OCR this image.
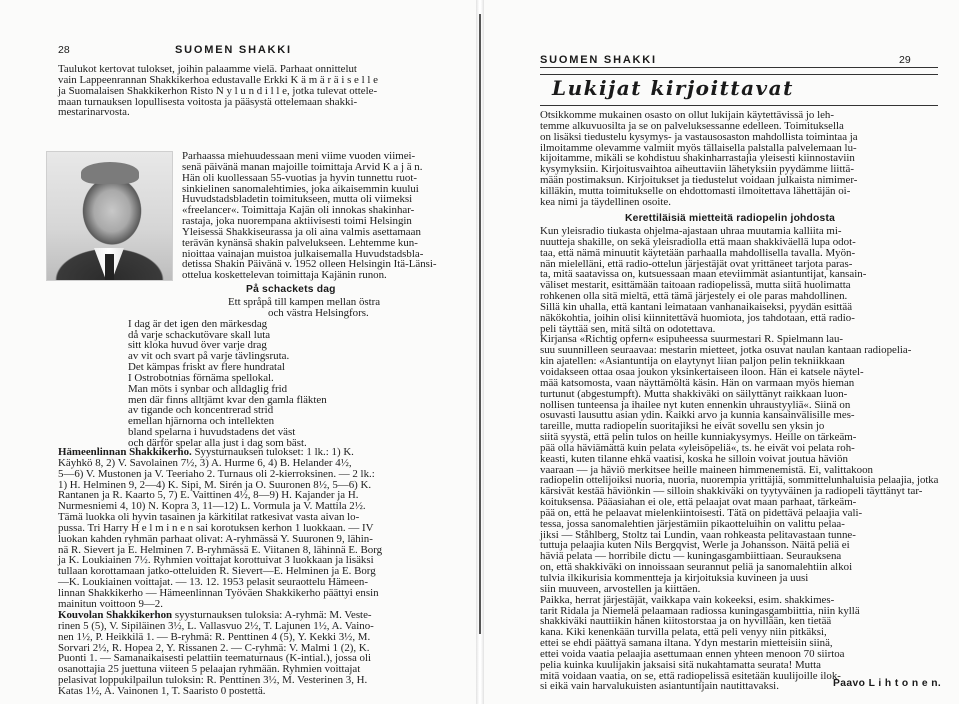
28	SUOMEN SHAKKI
Taulukot kertovat tulokset, joihin palaamme vielä. Parhaat onnittelut
vain Lappeenrannan Shakkikerhoa edustavalle Erkki K ä m ä r ä i s e l l e
ja Suomalaisen Shakkikerhon Risto N y l u n d i l l e, jotka tulevat ottele-
maan turnauksen lopullisesta voitosta ja pääsystä ottelemaan shakki-
mestarinarvosta.
Parhaassa miehuudessaan meni viime vuoden viimei-
senä päivänä manan majoille toimittaja Arvid K a j ä n.
Hän oli kuollessaan 55-vuotias ja hyvin tunnettu ruot-
sinkielinen sanomalehtimies, joka aikaisemmin kuului
Huvudstadsbladetin toimitukseen, mutta oli viimeksi
«freelancer«. Toimittaja Kajän oli innokas shakinhar-
rastaja, joka nuorempana aktiivisesti toimi Helsingin
Yleisessä Shakkiseurassa ja oli aina valmis asettamaan
terävän kynänsä shakin palvelukseen. Lehtemme kun-
nioittaa vainajan muistoa julkaisemalla Huvudstadsbla-
detissa Shakin Päivänä v. 1952 olleen Helsingin Itä-Länsi-
ottelua koskettelevan toimittaja Kajänin runon.
På schackets dag
Ett språpå till kampen mellan östra
och västra Helsingfors.
I dag är det igen den märkesdag
då varje schackutövare skall luta
sitt kloka huvud över varje drag
av vit och svart på varje tävlingsruta.
Det kämpas friskt av flere hundratal
I Ostrobotnias förnäma spellokal.
Man möts i synbar och alldaglig frid
men där finns alltjämt kvar den gamla fläkten
av tigande och koncentrerad strid
emellan hjärnorna och intellekten
bland spelarna i huvudstadens det väst
och därför spelar alla just i dag som bäst.
Hämeenlinnan Shakkikerho. Syysturnauksen tulokset: 1 lk.: 1) K.
Käyhkö 8, 2) V. Savolainen 7½, 3) A. Hurme 6, 4) B. Helander 4½,
5—6) V. Mustonen ja V. Teeriaho 2. Turnaus oli 2-kierroksinen. — 2 lk.:
1) H. Helminen 9, 2—4) K. Sipi, M. Sirén ja O. Suuronen 8½, 5—6) K.
Rantanen ja R. Kaarto 5, 7) E. Vaittinen 4½, 8—9) H. Kajander ja H.
Nurmesniemi 4, 10) N. Kopra 3, 11—12) L. Vormula ja V. Mattila 2½.
Tämä luokka oli hyvin tasainen ja kärkitilat ratkesivat vasta aivan lo-
pussa. Tri Harry H e l m i n e n sai korotuksen kerhon 1 luokkaan. — IV
luokan kahden ryhmän parhaat olivat: A-ryhmässä Y. Suuronen 9, lähin-
nä R. Sievert ja E. Helminen 7. B-ryhmässä E. Viitanen 8, lähinnä E. Borg
ja K. Loukiainen 7½. Ryhmien voittajat korottuivat 3 luokkaan ja lisäksi
tullaan korottamaan jatko-otteluiden R. Sievert—E. Helminen ja E. Borg
—K. Loukiainen voittajat. — 13. 12. 1953 pelasit seuraottelu Hämeen-
linnan Shakkikerho — Hämeenlinnan Työväen Shakkikerho päättyi ensin
mainitun voittoon 9—2.
Kouvolan Shakkikerhon syysturnauksen tuloksia: A-ryhmä: M. Veste-
rinen 5 (5), V. Sipiläinen 3½, L. Vallasvuo 2½, T. Lajunen 1½, A. Vaino-
nen 1½, P. Heikkilä 1. — B-ryhmä: R. Penttinen 4 (5), Y. Kekki 3½, M.
Sorvari 2½, R. Hopea 2, Y. Rissanen 2. — C-ryhmä: V. Malmi 1 (2), K.
Puonti 1. — Samanaikaisesti pelattiin teematurnaus (K-intial.), jossa oli
osanottajia 25 juettuna viiteen 5 pelaajan ryhmään. Ryhmien voittajat
pelasivat loppukilpailun tuloksin: R. Penttinen 3½, M. Vesterinen 3, H.
Katas 1½, A. Vainonen 1, T. Saaristo 0 postettä.
SUOMEN SHAKKI	29
Lukijat kirjoittavat
Otsikkomme mukainen osasto on ollut lukijain käytettävissä jo leh-
temme alkuvuosilta ja se on palveluksessanne edelleen. Toimituksella
on lisäksi tiedustelu kysymys- ja vastausosaston mahdollista toimintaa ja
ilmoitamme olevamme valmiit myös tällaisella palstalla palvelemaan lu-
kijoitamme, mikäli se kohdistuu shakinharrastajia yleisesti kiinnostaviin
kysymyksiin. Kirjoitusvaihtoa aiheuttaviin lähetyksiin pyydämme liittä-
mään postimaksun. Kirjoitukset ja tiedustelut voidaan julkaista nimimer-
killäkin, mutta toimitukselle on ehdottomasti ilmoitettava lähettäjän oi-
kea nimi ja täydellinen osoite.
Kerettiläisiä mietteitä radiopelin johdosta
Kun yleisradio tiukasta ohjelma-ajastaan uhraa muutamia kalliita mi-
nuutteja shakille, on sekä yleisradiolla että maan shakkiväellä lupa odot-
taa, että nämä minuutit käytetään parhaalla mahdollisella tavalla. Myön-
nän mielelläni, että radio-ottelun järjestäjät ovat yrittäneet tarjota paras-
ta, mitä saatavissa on, kutsuessaan maan eteviimmät asiantuntijat, kansain-
väliset mestarit, esittämään taitoaan radiopelissä, mutta siitä huolimatta
rohkenen olla sitä mieltä, että tämä järjestely ei ole paras mahdollinen.
Sillä kin uhalla, että kantani leimataan vanhanaikaiseksi, pyydän esittää
näkökohtia, joihin olisi kiinnitettävä huomiota, jos tahdotaan, että radio-
peli täyttää sen, mitä siltä on odotettava.
Kirjansa «Richtig opfern« esipuheessa suurmestari R. Spielmann lau-
suu suunnilleen seuraavaa: mestarin mietteet, jotka osuvat naulan kantaan radiopelia-
kin ajatellen: «Asiantuntija on elaytynyt liian paljon pelin tekniikkaan
voidakseen ottaa osaa joukon yksinkertaiseen iloon. Hän ei katsele näytel-
mää katsomosta, vaan näyttämöltä käsin. Hän on varmaan myös hieman
turtunut (abgestumpft). Mutta shakkiväki on säilyttänyt raikkaan luon-
nollisen tunteensa ja ihailee nyt kuten ennenkin uhraustyyliä«. Siinä on
osuvasti lausuttu asian ydin. Kaikki arvo ja kunnia kansainvälisille mes-
tareille, mutta radiopelin suoritajiksi he eivät sovellu sen yksin jo
siitä syystä, että pelin tulos on heille kunniakysymys. Heille on tärkeäm-
pää olla häviämättä kuin pelata «yleisöpeliä«, ts. he eivät voi pelata roh-
keasti, kuten tilanne ehkä vaatisi, koska he silloin voivat joutua häviön
vaaraan — ja häviö merkitsee heille maineen himmenemistä. Ei, valittakoon
radiopelin ottelijoiksi nuoria, nuoria, nuorempia yrittäjiä, sommittelunhaluisia pelaajia, jotka
kärsivät kestää häviönkin — silloin shakkiväki on tyytyväinen ja radiopeli täyttänyt tar-
koituksensa. Pääasiahan ei ole, että pelaajat ovat maan parhaat, tärkeäm-
pää on, että he pelaavat mielenkiintoisesti. Tätä on pidettävä pelaajia vali-
tessa, jossa sanomalehtien järjestämiin pikaotteluihin on valittu pelaa-
jiksi — Ståhlberg, Stoltz tai Lundin, vaan rohkeasta pelitavastaan tunne-
tuttuja pelaajia kuten Nils Bergqvist, Werle ja Johansson. Näitä peliä ei
häviä pelata — horribile dictu — kuningasgambiittiaan. Seurauksena
on, että shakkiväki on innoissaan seurannut peliä ja sanomalehtiin alkoi
tulvia ilkikurisia kommentteja ja kirjoituksia kuvineen ja uusi
siin muuveen, arvostellen ja kiittäen.
Paikka, herrat järjestäjät, vaikkapa vain kokeeksi, esim. shakkimes-
tarit Ridala ja Niemelä pelaamaan radiossa kuningasgambiittia, niin kyllä
shakkiväki nauttiikin hänen kiitostorstaa ja on hyvillään, ken tietää
kana. Kiki kenenkään turvilla pelata, että peli venyy niin pitkäksi,
ettei se ehdi päättyä samana iltana. Ydyn mestarin mietteisiin siinä,
ettei voida vaatia pelaajia asettumaan ennen yhteen menoon 70 siirtoa
pelia kuinka kuulijakin jaksaisi sitä nukahtamatta seurata! Mutta
mitä voidaan vaatia, on se, että radiopelissä esitetään kuulijoille ilok-
si eikä vain harvalukuisten asiantuntijain nautittavaksi.	Paavo L i h t o n e n.
